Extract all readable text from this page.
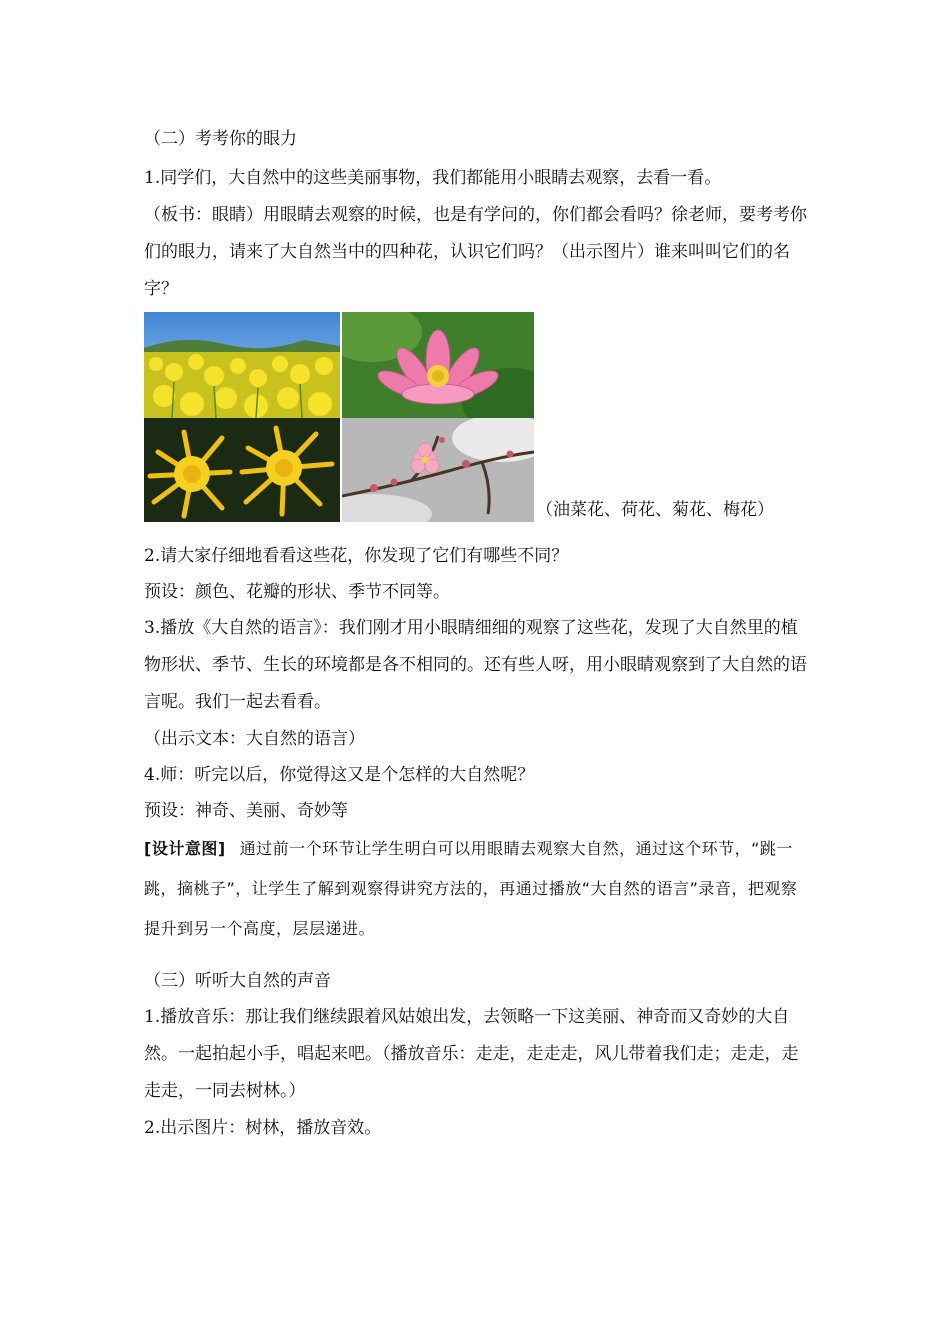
（二）考考你的眼力

1.同学们，大自然中的这些美丽事物，我们都能用小眼睛去观察，去看一看。

（板书：眼睛）用眼睛去观察的时候，也是有学问的，你们都会看吗？徐老师，要考考你们的眼力，请来了大自然当中的四种花，认识它们吗？（出示图片）谁来叫叫它们的名字？

（油菜花、荷花、菊花、梅花）

2.请大家仔细地看看这些花，你发现了它们有哪些不同？

预设：颜色、花瓣的形状、季节不同等。

3.播放《大自然的语言》：我们刚才用小眼睛细细的观察了这些花，发现了大自然里的植物形状、季节、生长的环境都是各不相同的。还有些人呀，用小眼睛观察到了大自然的语言呢。我们一起去看看。

（出示文本：大自然的语言）

4.师：听完以后，你觉得这又是个怎样的大自然呢？

预设：神奇、美丽、奇妙等

[设计意图] 通过前一个环节让学生明白可以用眼睛去观察大自然，通过这个环节，“跳一跳，摘桃子”，让学生了解到观察得讲究方法的，再通过播放“大自然的语言”录音，把观察提升到另一个高度，层层递进。

（三）听听大自然的声音

1.播放音乐：那让我们继续跟着风姑娘出发，去领略一下这美丽、神奇而又奇妙的大自然。一起拍起小手，唱起来吧。（播放音乐：走走，走走走，风儿带着我们走；走走，走走走，一同去树林。）

2.出示图片：树林，播放音效。
